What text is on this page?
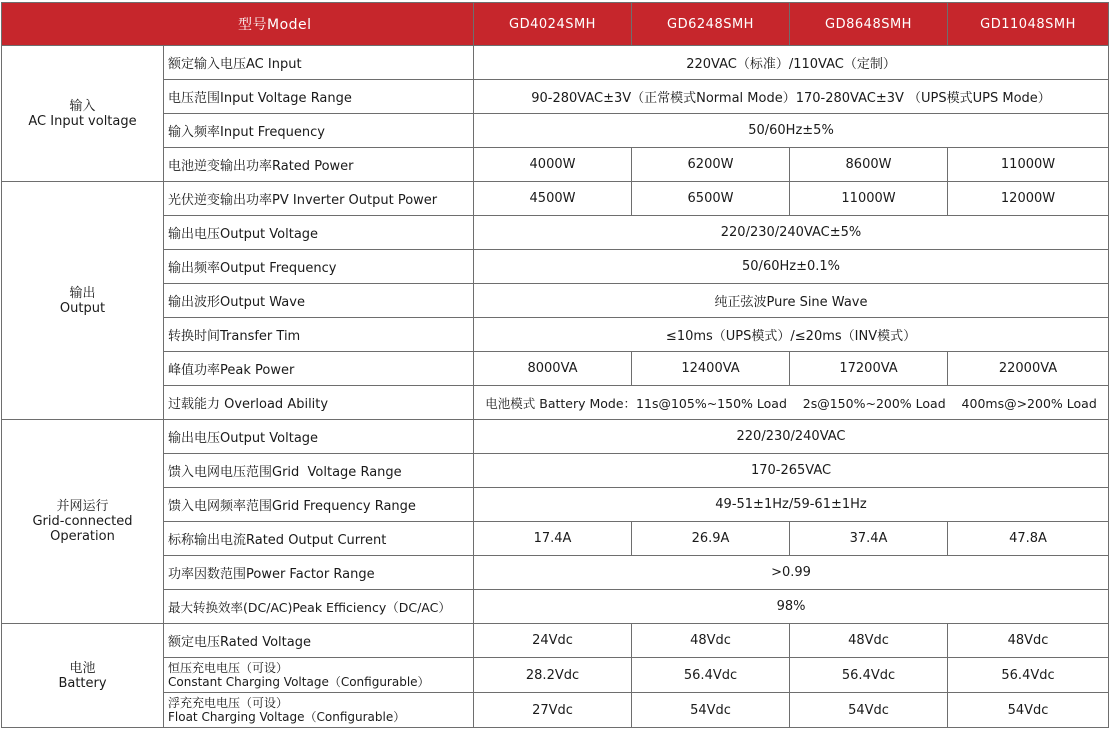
型号Model		GD4024SMH	GD6248SMH	GD8648SMH	GD11048SMH

输入
AC Input voltage	额定输入电压AC Input	220VAC（标准）/110VAC（定制）			
	电压范围Input Voltage Range	90-280VAC±3V（正常模式Normal Mode）170-280VAC±3V （UPS模式UPS Mode）			
	输入频率Input Frequency	50/60Hz±5%			
	电池逆变输出功率Rated Power	4000W	6200W	8600W	11000W

输出
Output	光伏逆变输出功率PV Inverter Output Power	4500W	6500W	11000W	12000W
	输出电压Output Voltage	220/230/240VAC±5%			
	输出频率Output Frequency	50/60Hz±0.1%			
	输出波形Output Wave	纯正弦波Pure Sine Wave			
	转换时间Transfer Tim	≤10ms（UPS模式）/≤20ms（INV模式）			
	峰值功率Peak Power	8000VA	12400VA	17200VA	22000VA
	过载能力 Overload Ability	电池模式 Battery Mode：11s@105%~150% Load    2s@150%~200% Load    400ms@>200% Load			

并网运行
Grid-connected
Operation	输出电压Output Voltage	220/230/240VAC			
	馈入电网电压范围Grid  Voltage Range	170-265VAC			
	馈入电网频率范围Grid Frequency Range	49-51±1Hz/59-61±1Hz			
	标称输出电流Rated Output Current	17.4A	26.9A	37.4A	47.8A
	功率因数范围Power Factor Range	>0.99			
	最大转换效率(DC/AC)Peak Efficiency（DC/AC）	98%			

电池
Battery	额定电压Rated Voltage	24Vdc	48Vdc	48Vdc	48Vdc

	恒压充电电压（可设）
Constant Charging Voltage（Configurable）	28.2Vdc	56.4Vdc	56.4Vdc	56.4Vdc

	浮充充电电压（可设）
Float Charging Voltage（Configurable）	27Vdc	54Vdc	54Vdc	54Vdc
